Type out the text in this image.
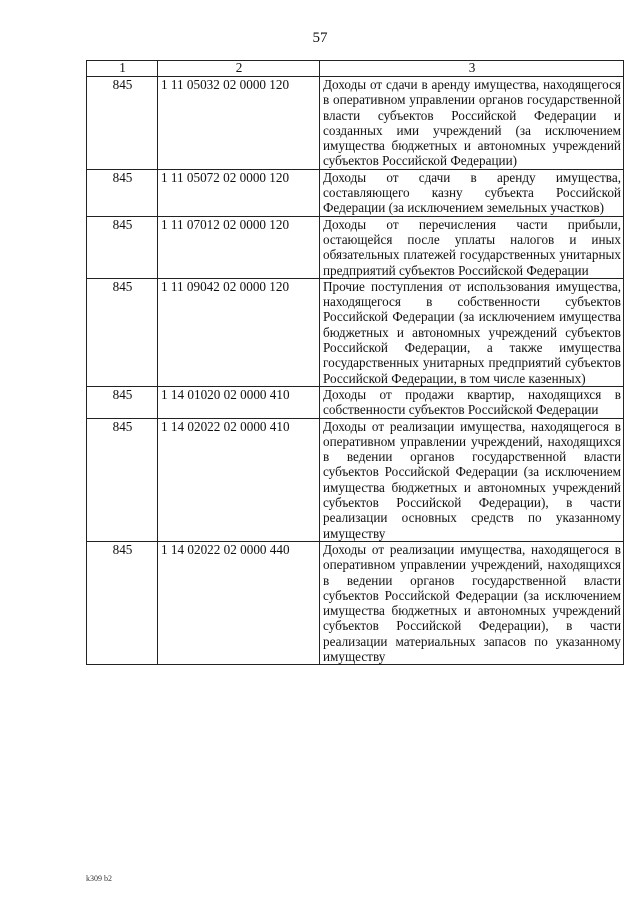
57
1	2	3
845	1 11 05032 02 0000 120	Доходы от сдачи в аренду имущества, находящегося в оперативном управлении органов государственной власти субъектов Российской Федерации и созданных ими учреждений (за исключением имущества бюджетных и автономных учреждений субъектов Российской Федерации)
845	1 11 05072 02 0000 120	Доходы от сдачи в аренду имущества, составляющего казну субъекта Российской Федерации (за исключением земельных участков)
845	1 11 07012 02 0000 120	Доходы от перечисления части прибыли, остающейся после уплаты налогов и иных обязательных платежей государственных унитарных предприятий субъектов Российской Федерации
845	1 11 09042 02 0000 120	Прочие поступления от использования имущества, находящегося в собственности субъектов Российской Федерации (за исключением имущества бюджетных и автономных учреждений субъектов Российской Федерации, а также имущества государственных унитарных предприятий субъектов Российской Федерации, в том числе казенных)
845	1 14 01020 02 0000 410	Доходы от продажи квартир, находящихся в собственности субъектов Российской Федерации
845	1 14 02022 02 0000 410	Доходы от реализации имущества, находящегося в оперативном управлении учреждений, находящихся в ведении органов государственной власти субъектов Российской Федерации (за исключением имущества бюджетных и автономных учреждений субъектов Российской Федерации), в части реализации основных средств по указанному имуществу
845	1 14 02022 02 0000 440	Доходы от реализации имущества, находящегося в оперативном управлении учреждений, находящихся в ведении органов государственной власти субъектов Российской Федерации (за исключением имущества бюджетных и автономных учреждений субъектов Российской Федерации), в части реализации материальных запасов по указанному имуществу
k309 b2
